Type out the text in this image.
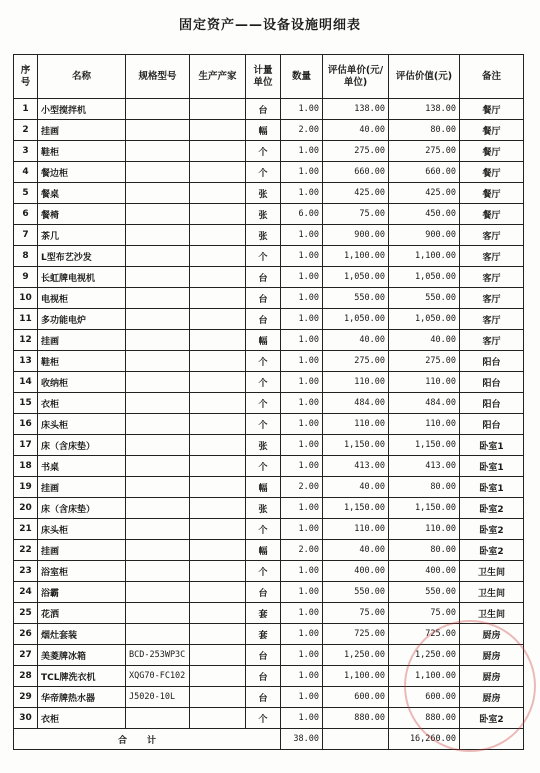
固定资产——设备设施明细表
序号	名称	规格型号	生产产家	计量单位	数量	评估单价(元/单位)	评估价值(元)	备注
1	小型搅拌机			台	1.00	138.00	138.00	餐厅
2	挂画			幅	2.00	40.00	80.00	餐厅
3	鞋柜			个	1.00	275.00	275.00	餐厅
4	餐边柜			个	1.00	660.00	660.00	餐厅
5	餐桌			张	1.00	425.00	425.00	餐厅
6	餐椅			张	6.00	75.00	450.00	餐厅
7	茶几			张	1.00	900.00	900.00	客厅
8	L型布艺沙发			个	1.00	1,100.00	1,100.00	客厅
9	长虹牌电视机			台	1.00	1,050.00	1,050.00	客厅
10	电视柜			台	1.00	550.00	550.00	客厅
11	多功能电炉			台	1.00	1,050.00	1,050.00	客厅
12	挂画			幅	1.00	40.00	40.00	客厅
13	鞋柜			个	1.00	275.00	275.00	阳台
14	收纳柜			个	1.00	110.00	110.00	阳台
15	衣柜			个	1.00	484.00	484.00	阳台
16	床头柜			个	1.00	110.00	110.00	阳台
17	床（含床垫）			张	1.00	1,150.00	1,150.00	卧室1
18	书桌			个	1.00	413.00	413.00	卧室1
19	挂画			幅	2.00	40.00	80.00	卧室1
20	床（含床垫）			张	1.00	1,150.00	1,150.00	卧室2
21	床头柜			个	1.00	110.00	110.00	卧室2
22	挂画			幅	2.00	40.00	80.00	卧室2
23	浴室柜			个	1.00	400.00	400.00	卫生间
24	浴霸			台	1.00	550.00	550.00	卫生间
25	花洒			套	1.00	75.00	75.00	卫生间
26	烟灶套装			套	1.00	725.00	725.00	厨房
27	美菱牌冰箱	BCD-253WP3C		台	1.00	1,250.00	1,250.00	厨房
28	TCL牌洗衣机	XQG70-FC102		台	1.00	1,100.00	1,100.00	厨房
29	华帝牌热水器	J5020-10L		台	1.00	600.00	600.00	厨房
30	衣柜			个	1.00	880.00	880.00	卧室2
合计					38.00		16,260.00	
